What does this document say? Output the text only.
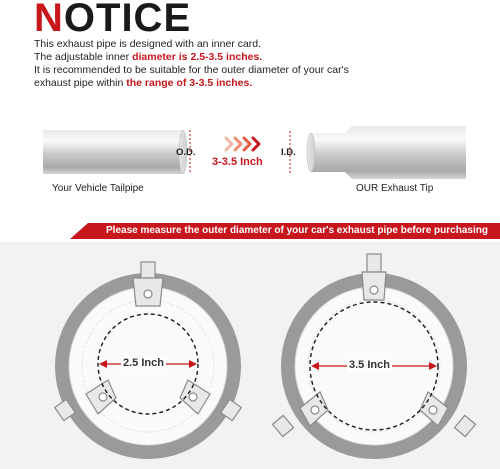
NOTICE
This exhaust pipe is designed with an inner card.
The adjustable inner diameter is 2.5-3.5 inches.
It is recommended to be suitable for the outer diameter of your car's
exhaust pipe within the range of 3-3.5 inches.
O.D.	I.D.
3-3.5 Inch
Your Vehicle Tailpipe	OUR Exhaust Tip
Please measure the outer diameter of your car's exhaust pipe before purchasing
2.5 Inch	3.5 Inch
